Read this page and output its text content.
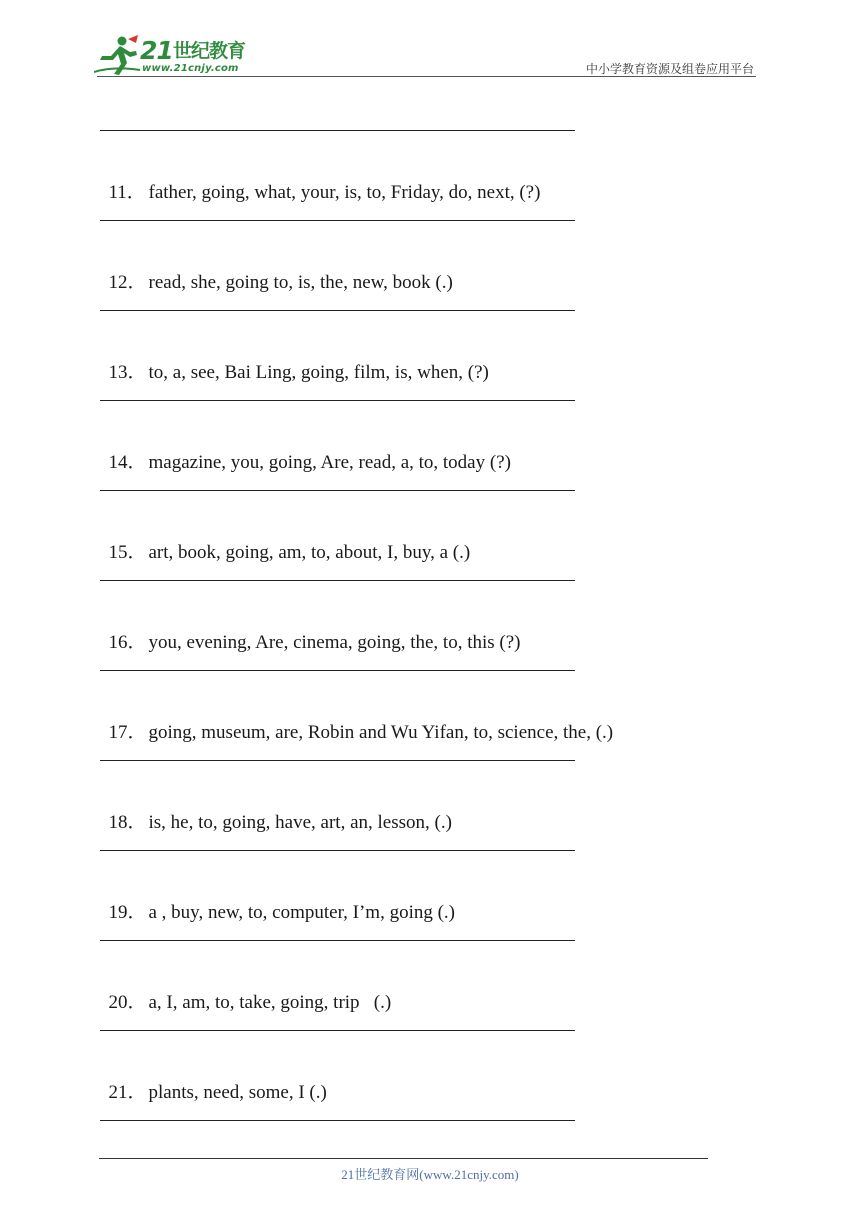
21 世纪教育
www.21cnjy.com	中小学教育资源及组卷应用平台

11． father, going, what, your, is, to, Friday, do, next, (?)

12． read, she, going to, is, the, new, book (.)

13． to, a, see, Bai Ling, going, film, is, when, (?)

14． magazine, you, going, Are, read, a, to, today (?)

15． art, book, going, am, to, about, I, buy, a (.)

16． you, evening, Are, cinema, going, the, to, this (?)

17． going, museum, are, Robin and Wu Yifan, to, science, the, (.)

18． is, he, to, going, have, art, an, lesson, (.)

19． a , buy, new, to, computer, I’m, going (.)

20． a, I, am, to, take, going, trip   (.)

21． plants, need, some, I (.)

21世纪教育网(www.21cnjy.com)
